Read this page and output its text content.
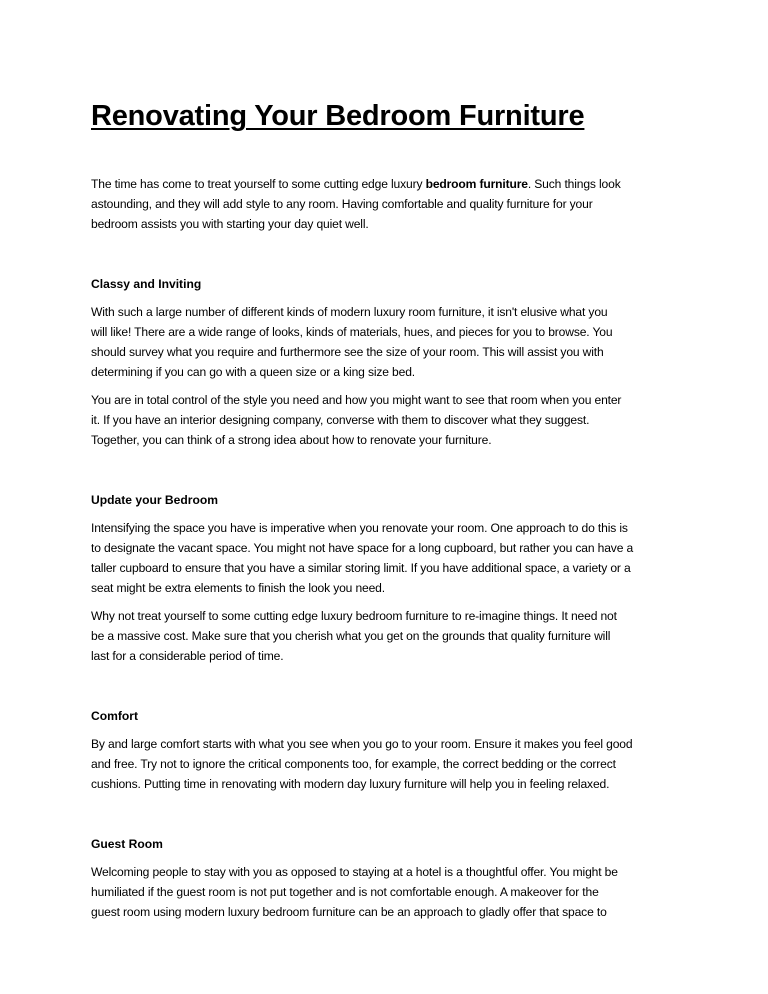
Renovating Your Bedroom Furniture

The time has come to treat yourself to some cutting edge luxury bedroom furniture. Such things look
astounding, and they will add style to any room. Having comfortable and quality furniture for your
bedroom assists you with starting your day quiet well.

Classy and Inviting

With such a large number of different kinds of modern luxury room furniture, it isn't elusive what you
will like! There are a wide range of looks, kinds of materials, hues, and pieces for you to browse. You
should survey what you require and furthermore see the size of your room. This will assist you with
determining if you can go with a queen size or a king size bed.

You are in total control of the style you need and how you might want to see that room when you enter
it. If you have an interior designing company, converse with them to discover what they suggest.
Together, you can think of a strong idea about how to renovate your furniture.

Update your Bedroom

Intensifying the space you have is imperative when you renovate your room. One approach to do this is
to designate the vacant space. You might not have space for a long cupboard, but rather you can have a
taller cupboard to ensure that you have a similar storing limit. If you have additional space, a variety or a
seat might be extra elements to finish the look you need.

Why not treat yourself to some cutting edge luxury bedroom furniture to re-imagine things. It need not
be a massive cost. Make sure that you cherish what you get on the grounds that quality furniture will
last for a considerable period of time.

Comfort

By and large comfort starts with what you see when you go to your room. Ensure it makes you feel good
and free. Try not to ignore the critical components too, for example, the correct bedding or the correct
cushions. Putting time in renovating with modern day luxury furniture will help you in feeling relaxed.

Guest Room

Welcoming people to stay with you as opposed to staying at a hotel is a thoughtful offer. You might be
humiliated if the guest room is not put together and is not comfortable enough. A makeover for the
guest room using modern luxury bedroom furniture can be an approach to gladly offer that space to
